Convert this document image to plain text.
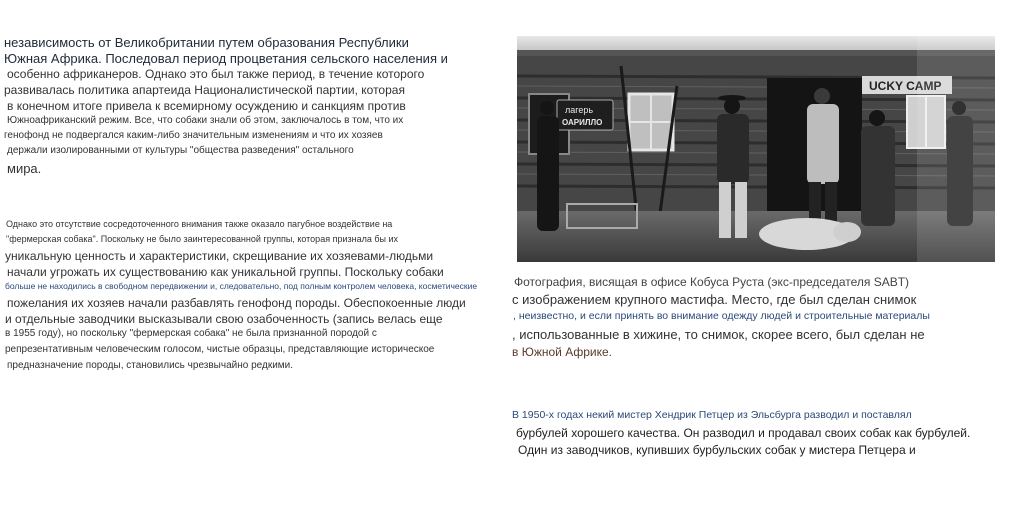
независимость от Великобритании путем образования Республики
Южная Африка. Последовал период процветания сельского населения и
особенно африканеров. Однако это был также период, в течение которого
развивалась политика апартеида Националистической партии, которая
в конечном итоге привела к всемирному осуждению и санкциям против
Южноафриканский режим. Все, что собаки знали об этом, заключалось в том, что их
генофонд не подвергался каким-либо значительным изменениям и что их хозяев
держали изолированными от культуры "общества разведения" остального
мира.
Однако это отсутствие сосредоточенного внимания также оказало пагубное воздействие на
"фермерская собака". Поскольку не было заинтересованной группы, которая признала бы их
уникальную ценность и характеристики, скрещивание их хозяевами-людьми
начали угрожать их существованию как уникальной группы. Поскольку собаки
больше не находились в свободном передвижении и, следовательно, под полным контролем человека, косметические
пожелания их хозяев начали разбавлять генофонд породы. Обеспокоенные люди
и отдельные заводчики высказывали свою озабоченность (запись велась еще
в 1955 году), но поскольку "фермерская собака" не была признанной породой с
репрезентативным человеческим голосом, чистые образцы, представляющие историческое
предназначение породы, становились чрезвычайно редкими.
UCKY CAMP
лагерь
ОАРИЛЛО
Фотография, висящая в офисе Кобуса Руста (экс-председателя SABT)
с изображением крупного мастифа. Место, где был сделан снимок
, неизвестно, и если принять во внимание одежду людей и строительные материалы
, использованные в хижине, то снимок, скорее всего, был сделан не
в Южной Африке.
В 1950-х годах некий мистер Хендрик Петцер из Эльсбурга разводил и поставлял
бурбулей хорошего качества. Он разводил и продавал своих собак как бурбулей.
Один из заводчиков, купивших бурбульских собак у мистера Петцера и
